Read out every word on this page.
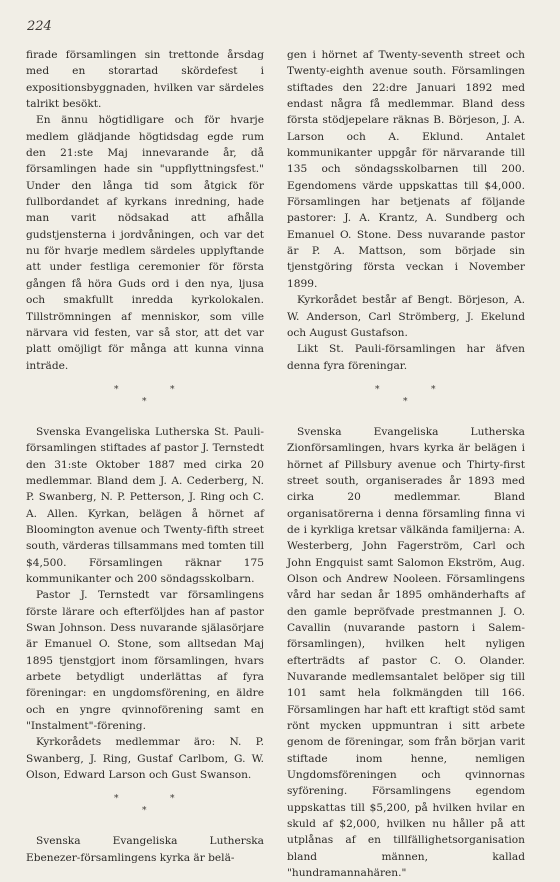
224

firade församlingen sin trettonde årsdag med en storartad skördefest i expositionsbyggnaden, hvilken var särdeles talrikt besökt.

En ännu högtidligare och för hvarje medlem glädjande högtidsdag egde rum den 21:ste Maj innevarande år, då församlingen hade sin "uppflyttningsfest." Under den långa tid som åtgick för fullbordandet af kyrkans inredning, hade man varit nödsakad att afhålla gudstjensterna i jordvåningen, och var det nu för hvarje medlem särdeles upplyftande att under festliga ceremonier för första gången få höra Guds ord i den nya, ljusa och smakfullt inredda kyrkolokalen. Tillströmningen af menniskor, som ville närvara vid festen, var så stor, att det var platt omöjligt för många att kunna vinna inträde.

*	*
*

Svenska Evangeliska Lutherska St. Pauli-församlingen stiftades af pastor J. Ternstedt den 31:ste Oktober 1887 med cirka 20 medlemmar. Bland dem J. A. Cederberg, N. P. Swanberg, N. P. Petterson, J. Ring och C. A. Allen. Kyrkan, belägen å hörnet af Bloomington avenue och Twenty-fifth street south, värderas tillsammans med tomten till $4,500. Församlingen räknar 175 kommunikanter och 200 söndagsskolbarn.

Pastor J. Ternstedt var församlingens förste lärare och efterföljdes han af pastor Swan Johnson. Dess nuvarande själasörjare är Emanuel O. Stone, som alltsedan Maj 1895 tjenstgjort inom församlingen, hvars arbete betydligt underlättas af fyra föreningar: en ungdomsförening, en äldre och en yngre qvinnoförening samt en "Instalment"-förening.

Kyrkorådets medlemmar äro: N. P. Swanberg, J. Ring, Gustaf Carlbom, G. W. Olson, Edward Larson och Gust Swanson.

*	*
*

Svenska Evangeliska Lutherska Ebenezer-församlingens kyrka är belä-

gen i hörnet af Twenty-seventh street och Twenty-eighth avenue south. Församlingen stiftades den 22:dre Januari 1892 med endast några få medlemmar. Bland dess första stödjepelare räknas B. Börjeson, J. A. Larson och A. Eklund. Antalet kommunikanter uppgår för närvarande till 135 och söndagsskolbarnen till 200. Egendomens värde uppskattas till $4,000. Församlingen har betjenats af följande pastorer: J. A. Krantz, A. Sundberg och Emanuel O. Stone. Dess nuvarande pastor är P. A. Mattson, som började sin tjenstgöring första veckan i November 1899.

Kyrkorådet består af Bengt. Börjeson, A. W. Anderson, Carl Strömberg, J. Ekelund och August Gustafson.

Likt St. Pauli-församlingen har äfven denna fyra föreningar.

*	*
*

Svenska Evangeliska Lutherska Zionförsamlingen, hvars kyrka är belägen i hörnet af Pillsbury avenue och Thirty-first street south, organiserades år 1893 med cirka 20 medlemmar. Bland organisatörerna i denna församling finna vi de i kyrkliga kretsar välkända familjerna: A. Westerberg, John Fagerström, Carl och John Engquist samt Salomon Ekström, Aug. Olson och Andrew Nooleen. Församlingens vård har sedan år 1895 omhänderhafts af den gamle bepröfvade prestmannen J. O. Cavallin (nuvarande pastorn i Salem-församlingen), hvilken helt nyligen efterträdts af pastor C. O. Olander. Nuvarande medlemsantalet belöper sig till 101 samt hela folkmängden till 166. Församlingen har haft ett kraftigt stöd samt rönt mycken uppmuntran i sitt arbete genom de föreningar, som från början varit stiftade inom henne, nemligen Ungdomsföreningen och qvinnornas syförening. Församlingens egendom uppskattas till $5,200, på hvilken hvilar en skuld af $2,000, hvilken nu håller på att utplånas af en tillfällighetsorganisation bland männen, kallad "hundramannahären."
